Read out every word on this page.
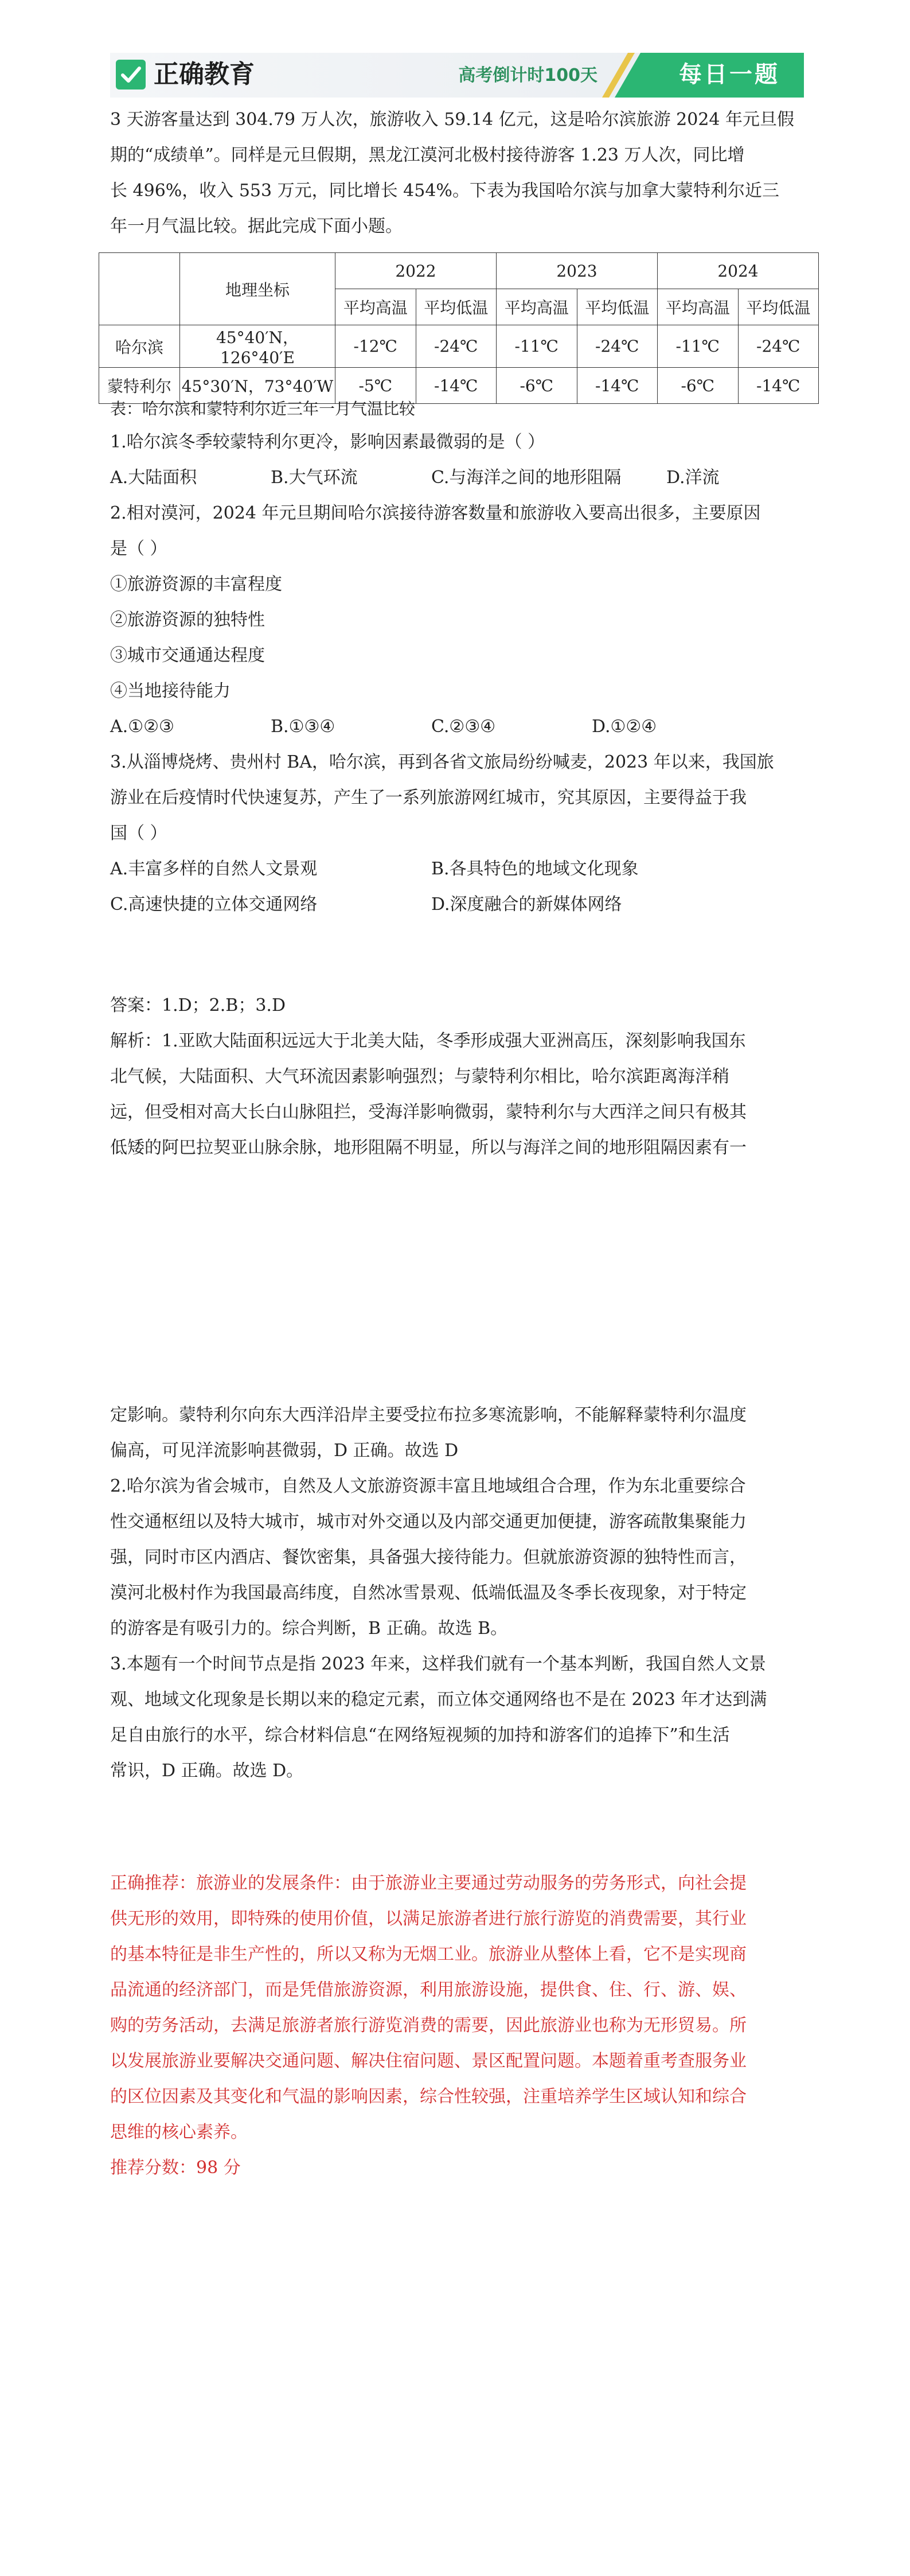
正确教育	高考倒计时100天	每日一题

3 天游客量达到 304.79 万人次，旅游收入 59.14 亿元，这是哈尔滨旅游 2024 年元旦假

期的“成绩单”。同样是元旦假期，黑龙江漠河北极村接待游客 1.23 万人次，同比增

长 496%，收入 553 万元，同比增长 454%。下表为我国哈尔滨与加拿大蒙特利尔近三

年一月气温比较。据此完成下面小题。

	地理坐标	2022		2023		2024	
		平均高温	平均低温	平均高温	平均低温	平均高温	平均低温
哈尔滨	45°40′N，126°40′E	-12℃	-24℃	-11℃	-24℃	-11℃	-24℃
蒙特利尔	45°30′N，73°40′W	-5℃	-14℃	-6℃	-14℃	-6℃	-14℃

表：哈尔滨和蒙特利尔近三年一月气温比较

1.哈尔滨冬季较蒙特利尔更冷，影响因素最微弱的是（ ）

A.大陆面积	B.大气环流	C.与海洋之间的地形阻隔	D.洋流

2.相对漠河，2024 年元旦期间哈尔滨接待游客数量和旅游收入要高出很多，主要原因

是（ ）

①旅游资源的丰富程度

②旅游资源的独特性

③城市交通通达程度

④当地接待能力

A.①②③	B.①③④	C.②③④	D.①②④

3.从淄博烧烤、贵州村 BA，哈尔滨，再到各省文旅局纷纷喊麦，2023 年以来，我国旅

游业在后疫情时代快速复苏，产生了一系列旅游网红城市，究其原因，主要得益于我

国（ ）

A.丰富多样的自然人文景观	B.各具特色的地域文化现象
C.高速快捷的立体交通网络	D.深度融合的新媒体网络

答案：1.D；2.B；3.D

解析：1.亚欧大陆面积远远大于北美大陆，冬季形成强大亚洲高压，深刻影响我国东

北气候，大陆面积、大气环流因素影响强烈；与蒙特利尔相比，哈尔滨距离海洋稍

远，但受相对高大长白山脉阻拦，受海洋影响微弱，蒙特利尔与大西洋之间只有极其

低矮的阿巴拉契亚山脉余脉，地形阻隔不明显，所以与海洋之间的地形阻隔因素有一

定影响。蒙特利尔向东大西洋沿岸主要受拉布拉多寒流影响，不能解释蒙特利尔温度

偏高，可见洋流影响甚微弱，D 正确。故选 D

2.哈尔滨为省会城市，自然及人文旅游资源丰富且地域组合合理，作为东北重要综合

性交通枢纽以及特大城市，城市对外交通以及内部交通更加便捷，游客疏散集聚能力

强，同时市区内酒店、餐饮密集，具备强大接待能力。但就旅游资源的独特性而言，

漠河北极村作为我国最高纬度，自然冰雪景观、低端低温及冬季长夜现象，对于特定

的游客是有吸引力的。综合判断，B 正确。故选 B。

3.本题有一个时间节点是指 2023 年来，这样我们就有一个基本判断，我国自然人文景

观、地域文化现象是长期以来的稳定元素，而立体交通网络也不是在 2023 年才达到满

足自由旅行的水平，综合材料信息“在网络短视频的加持和游客们的追捧下”和生活

常识，D 正确。故选 D。

正确推荐：旅游业的发展条件：由于旅游业主要通过劳动服务的劳务形式，向社会提

供无形的效用，即特殊的使用价值，以满足旅游者进行旅行游览的消费需要，其行业

的基本特征是非生产性的，所以又称为无烟工业。旅游业从整体上看，它不是实现商

品流通的经济部门，而是凭借旅游资源，利用旅游设施，提供食、住、行、游、娱、

购的劳务活动，去满足旅游者旅行游览消费的需要，因此旅游业也称为无形贸易。所

以发展旅游业要解决交通问题、解决住宿问题、景区配置问题。本题着重考查服务业

的区位因素及其变化和气温的影响因素，综合性较强，注重培养学生区域认知和综合

思维的核心素养。

推荐分数：98 分
